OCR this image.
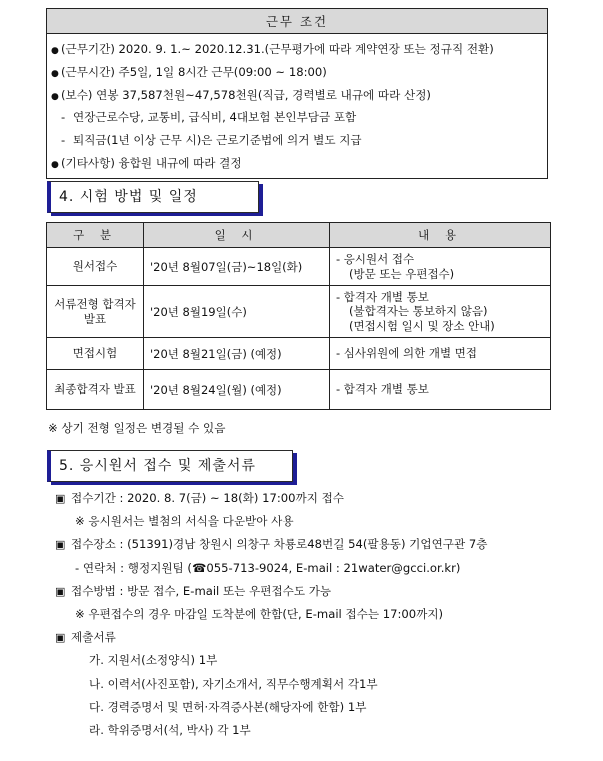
근무 조건
● (근무기간) 2020. 9. 1.~ 2020.12.31.(근무평가에 따라 계약연장 또는 정규직 전환)
● (근무시간) 주5일, 1일 8시간 근무(09:00 ~ 18:00)
● (보수) 연봉 37,587천원~47,578천원(직급, 경력별로 내규에 따라 산정)
- 연장근로수당, 교통비, 급식비, 4대보험 본인부담금 포함
- 퇴직금(1년 이상 근무 시)은 근로기준법에 의거 별도 지급
● (기타사항) 융합원 내규에 따라 결정
4. 시험 방법 및 일정
구 분	일 시	내 용
원서접수	'20년 8월07일(금)~18일(화)	- 응시원서 접수
(방문 또는 우편접수)

서류전형 합격자 발표	'20년 8월19일(수)	- 합격자 개별 통보
(불합격자는 통보하지 않음)
(면접시험 일시 및 장소 안내)

면접시험	'20년 8월21일(금) (예정)	- 심사위원에 의한 개별 면접

최종합격자 발표	'20년 8월24일(월) (예정)	- 합격자 개별 통보
※ 상기 전형 일정은 변경될 수 있음
5. 응시원서 접수 및 제출서류
▣ 접수기간 : 2020. 8. 7(금) ~ 18(화) 17:00까지 접수
※ 응시원서는 별첨의 서식을 다운받아 사용
▣ 접수장소 : (51391)경남 창원시 의창구 차룡로48번길 54(팔용동) 기업연구관 7층
- 연락처 : 행정지원팀 (☎055-713-9024, E-mail : 21water@gcci.or.kr)
▣ 접수방법 : 방문 접수, E-mail 또는 우편접수도 가능
※ 우편접수의 경우 마감일 도착분에 한함(단, E-mail 접수는 17:00까지)
▣ 제출서류
가. 지원서(소정양식) 1부
나. 이력서(사진포함), 자기소개서, 직무수행계획서 각1부
다. 경력증명서 및 면허·자격증사본(해당자에 한함) 1부
라. 학위증명서(석, 박사) 각 1부
